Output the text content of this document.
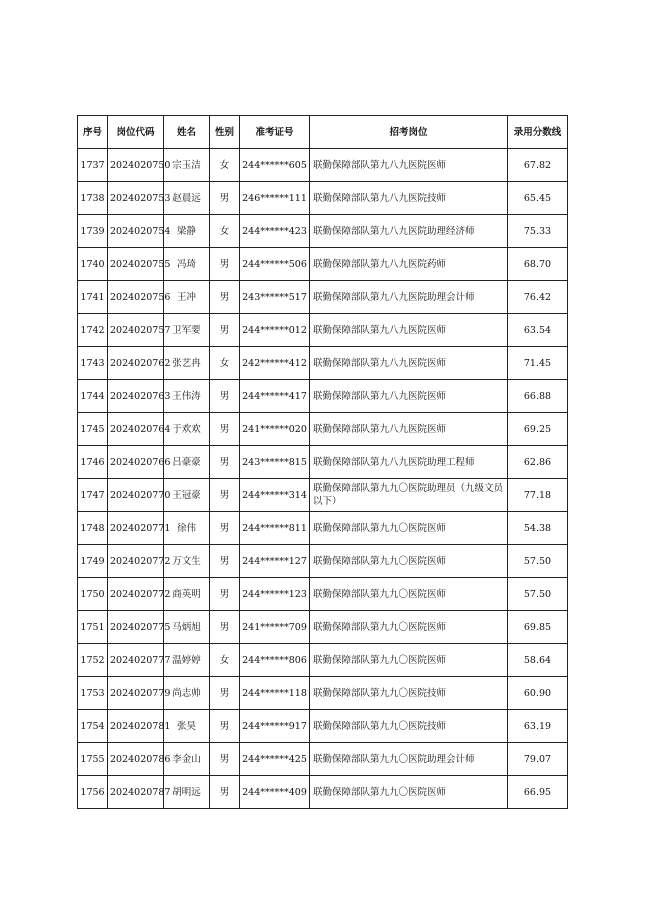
序号	岗位代码	姓名	性别	准考证号	招考岗位	录用分数线
1737	2024020750	宗玉洁	女	244******605	联勤保障部队第九八九医院医师	67.82
1738	2024020753	赵晨远	男	246******111	联勤保障部队第九八九医院技师	65.45
1739	2024020754	梁静	女	244******423	联勤保障部队第九八九医院助理经济师	75.33
1740	2024020755	冯琦	男	244******506	联勤保障部队第九八九医院药师	68.70
1741	2024020756	王冲	男	243******517	联勤保障部队第九八九医院助理会计师	76.42
1742	2024020757	卫军要	男	244******012	联勤保障部队第九八九医院医师	63.54
1743	2024020762	张艺冉	女	242******412	联勤保障部队第九八九医院医师	71.45
1744	2024020763	王伟涛	男	244******417	联勤保障部队第九八九医院医师	66.88
1745	2024020764	于欢欢	男	241******020	联勤保障部队第九八九医院医师	69.25
1746	2024020766	吕豪豪	男	243******815	联勤保障部队第九八九医院助理工程师	62.86
1747	2024020770	王冠豪	男	244******314	联勤保障部队第九九〇医院助理员（九级文员以下）	77.18
1748	2024020771	徐伟	男	244******811	联勤保障部队第九九〇医院医师	54.38
1749	2024020772	万文生	男	244******127	联勤保障部队第九九〇医院医师	57.50
1750	2024020772	商英明	男	244******123	联勤保障部队第九九〇医院医师	57.50
1751	2024020775	马炳旭	男	241******709	联勤保障部队第九九〇医院医师	69.85
1752	2024020777	温婷婷	女	244******806	联勤保障部队第九九〇医院医师	58.64
1753	2024020779	尚志帅	男	244******118	联勤保障部队第九九〇医院技师	60.90
1754	2024020781	张昊	男	244******917	联勤保障部队第九九〇医院技师	63.19
1755	2024020786	李金山	男	244******425	联勤保障部队第九九〇医院助理会计师	79.07
1756	2024020787	胡明远	男	244******409	联勤保障部队第九九〇医院医师	66.95
